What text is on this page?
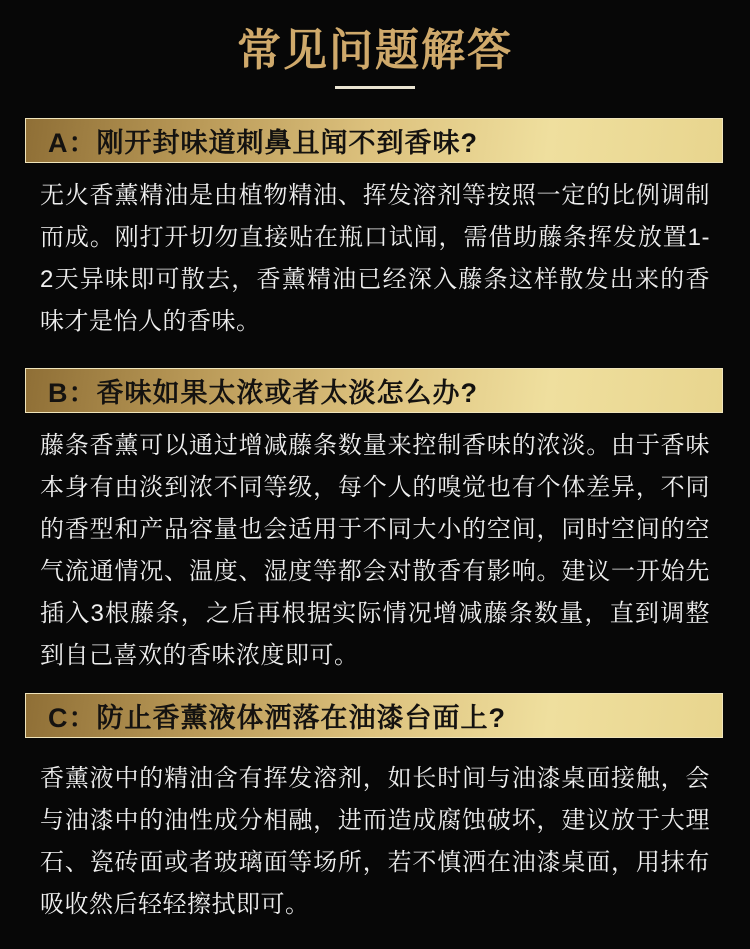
常见问题解答
A：刚开封味道刺鼻且闻不到香味?

无火香薰精油是由植物精油、挥发溶剂等按照一定的比例调制而成。刚打开切勿直接贴在瓶口试闻，需借助藤条挥发放置1-2天异味即可散去，香薰精油已经深入藤条这样散发出来的香味才是怡人的香味。

B：香味如果太浓或者太淡怎么办?

藤条香薰可以通过增减藤条数量来控制香味的浓淡。由于香味本身有由淡到浓不同等级，每个人的嗅觉也有个体差异，不同的香型和产品容量也会适用于不同大小的空间，同时空间的空气流通情况、温度、湿度等都会对散香有影响。建议一开始先插入3根藤条，之后再根据实际情况增减藤条数量，直到调整到自己喜欢的香味浓度即可。

C：防止香薰液体洒落在油漆台面上?

香薰液中的精油含有挥发溶剂，如长时间与油漆桌面接触，会与油漆中的油性成分相融，进而造成腐蚀破坏，建议放于大理石、瓷砖面或者玻璃面等场所，若不慎洒在油漆桌面，用抹布吸收然后轻轻擦拭即可。
